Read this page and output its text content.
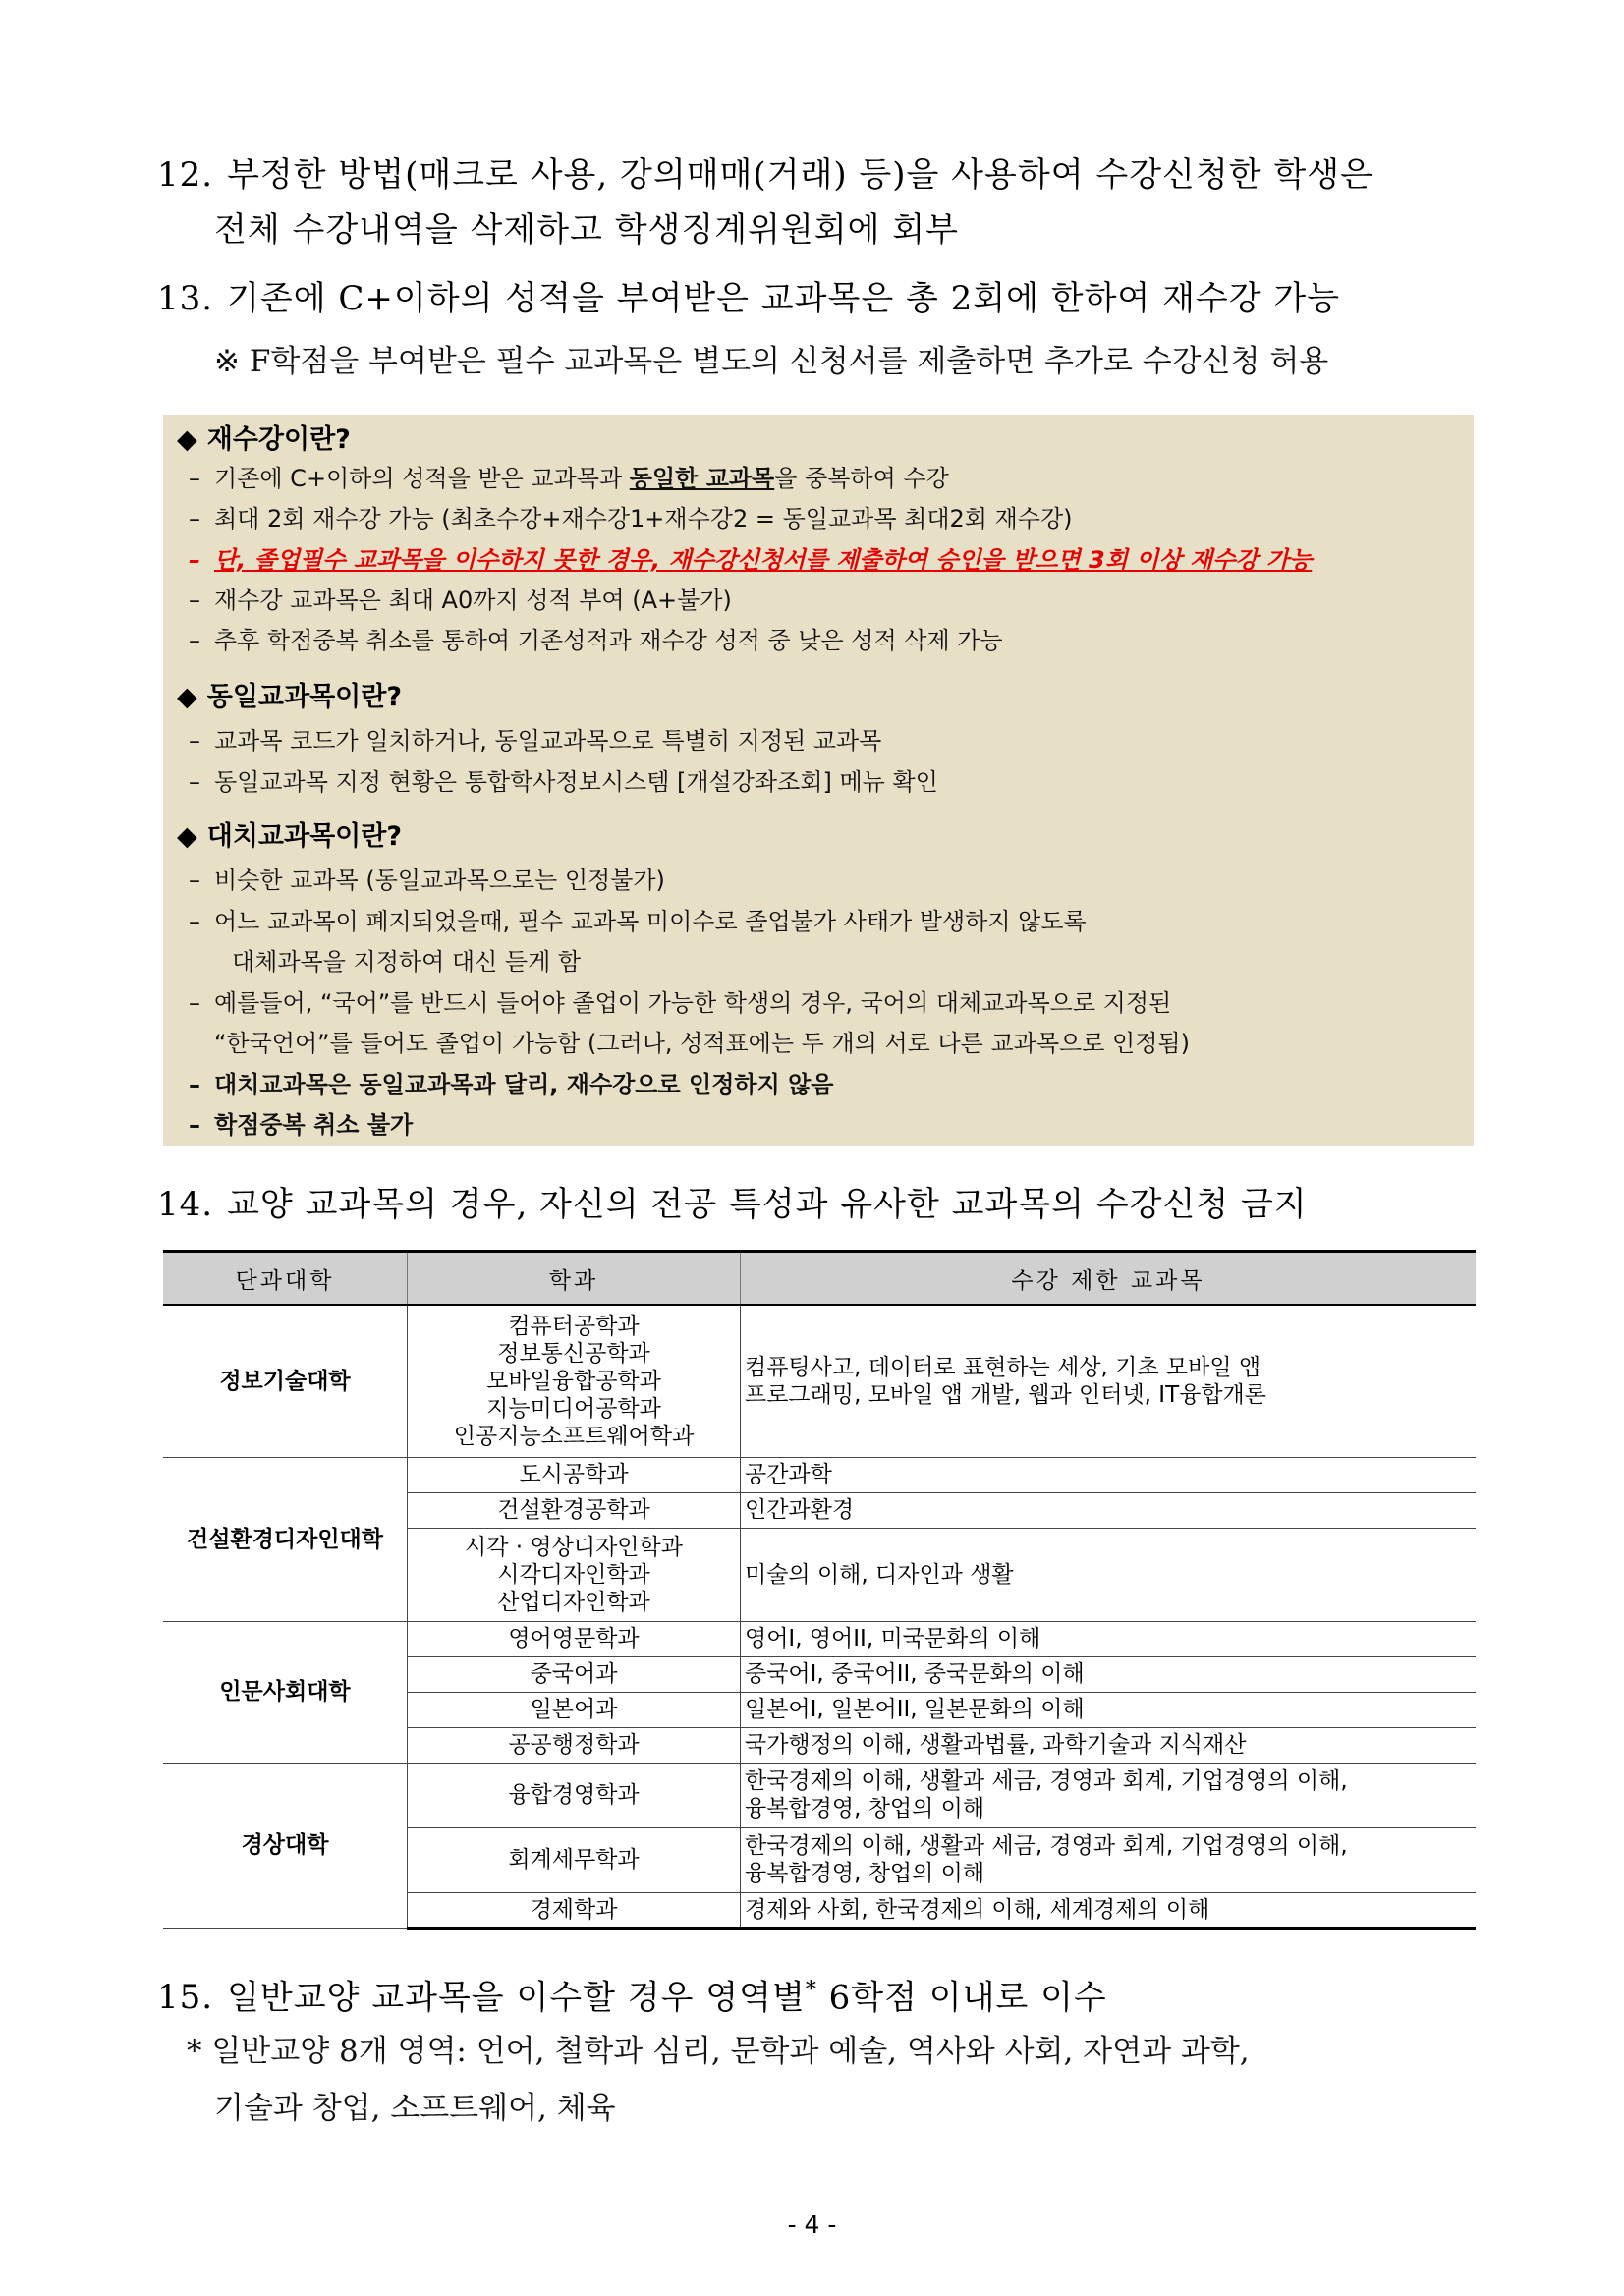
12. 부정한 방법(매크로 사용, 강의매매(거래) 등)을 사용하여 수강신청한 학생은
전체 수강내역을 삭제하고 학생징계위원회에 회부
13. 기존에 C+이하의 성적을 부여받은 교과목은 총 2회에 한하여 재수강 가능
※ F학점을 부여받은 필수 교과목은 별도의 신청서를 제출하면 추가로 수강신청 허용
◆ 재수강이란?
– 기존에 C+이하의 성적을 받은 교과목과 동일한 교과목을 중복하여 수강
– 최대 2회 재수강 가능 (최초수강+재수강1+재수강2 = 동일교과목 최대2회 재수강)
– 단, 졸업필수 교과목을 이수하지 못한 경우, 재수강신청서를 제출하여 승인을 받으면 3회 이상 재수강 가능
– 재수강 교과목은 최대 A0까지 성적 부여 (A+불가)
– 추후 학점중복 취소를 통하여 기존성적과 재수강 성적 중 낮은 성적 삭제 가능
◆ 동일교과목이란?
– 교과목 코드가 일치하거나, 동일교과목으로 특별히 지정된 교과목
– 동일교과목 지정 현황은 통합학사정보시스템 [개설강좌조회] 메뉴 확인
◆ 대치교과목이란?
– 비슷한 교과목 (동일교과목으로는 인정불가)
– 어느 교과목이 폐지되었을때, 필수 교과목 미이수로 졸업불가 사태가 발생하지 않도록
대체과목을 지정하여 대신 듣게 함
– 예를들어, “국어”를 반드시 들어야 졸업이 가능한 학생의 경우, 국어의 대체교과목으로 지정된
“한국언어”를 들어도 졸업이 가능함 (그러나, 성적표에는 두 개의 서로 다른 교과목으로 인정됨)
– 대치교과목은 동일교과목과 달리, 재수강으로 인정하지 않음
– 학점중복 취소 불가
14. 교양 교과목의 경우, 자신의 전공 특성과 유사한 교과목의 수강신청 금지
단과대학	학과	수강 제한 교과목
정보기술대학	컴퓨터공학과
정보통신공학과
모바일융합공학과
지능미디어공학과
인공지능소프트웨어학과	컴퓨팅사고, 데이터로 표현하는 세상, 기초 모바일 앱
프로그래밍, 모바일 앱 개발, 웹과 인터넷, IT융합개론

건설환경디자인대학	도시공학과	공간과학
	건설환경공학과	인간과환경

	시각 · 영상디자인학과
시각디자인학과
산업디자인학과	미술의 이해, 디자인과 생활
인문사회대학	영어영문학과	영어I, 영어II, 미국문화의 이해
	중국어과	중국어I, 중국어II, 중국문화의 이해
	일본어과	일본어I, 일본어II, 일본문화의 이해
	공공행정학과	국가행정의 이해, 생활과법률, 과학기술과 지식재산
경상대학	융합경영학과	한국경제의 이해, 생활과 세금, 경영과 회계, 기업경영의 이해,
융복합경영, 창업의 이해

	회계세무학과	한국경제의 이해, 생활과 세금, 경영과 회계, 기업경영의 이해,
융복합경영, 창업의 이해

	경제학과	경제와 사회, 한국경제의 이해, 세계경제의 이해
15. 일반교양 교과목을 이수할 경우 영역별* 6학점 이내로 이수
* 일반교양 8개 영역: 언어, 철학과 심리, 문학과 예술, 역사와 사회, 자연과 과학,
기술과 창업, 소프트웨어, 체육
- 4 -
